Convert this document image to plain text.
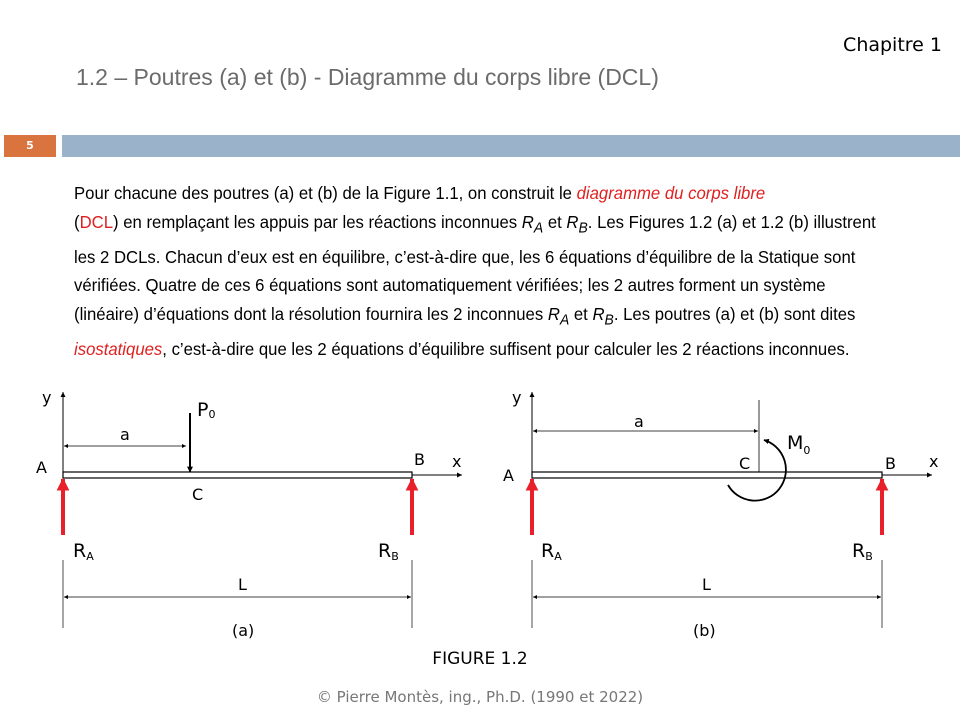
Chapitre 1
1.2 – Poutres (a) et (b) - Diagramme du corps libre (DCL)
5
Pour chacune des poutres (a) et (b) de la Figure 1.1, on construit le diagramme du corps libre
(DCL) en remplaçant les appuis par les réactions inconnues $R_A$ et $R_B$. Les Figures 1.2 (a) et 1.2 (b) illustrent les 2 DCLs. Chacun d’eux est en équilibre, c’est-à-dire que, les 6 équations d’équilibre de la Statique sont vérifiées. Quatre de ces 6 équations sont automatiquement vérifiées; les 2 autres forment un système (linéaire) d’équations dont la résolution fournira les 2 inconnues $R_A$ et $R_B$. Les poutres (a) et (b) sont dites isostatiques, c’est-à-dire que les 2 équations d’équilibre suffisent pour calculer les 2 réactions inconnues.
y
x
a
P0
A	B
C
RA	RB
L
(a)
y
x
a
$M_0$
A
B
C
RA	RB
L
(b)
FIGURE 1.2
© Pierre Montès, ing., Ph.D. (1990 et 2022)
